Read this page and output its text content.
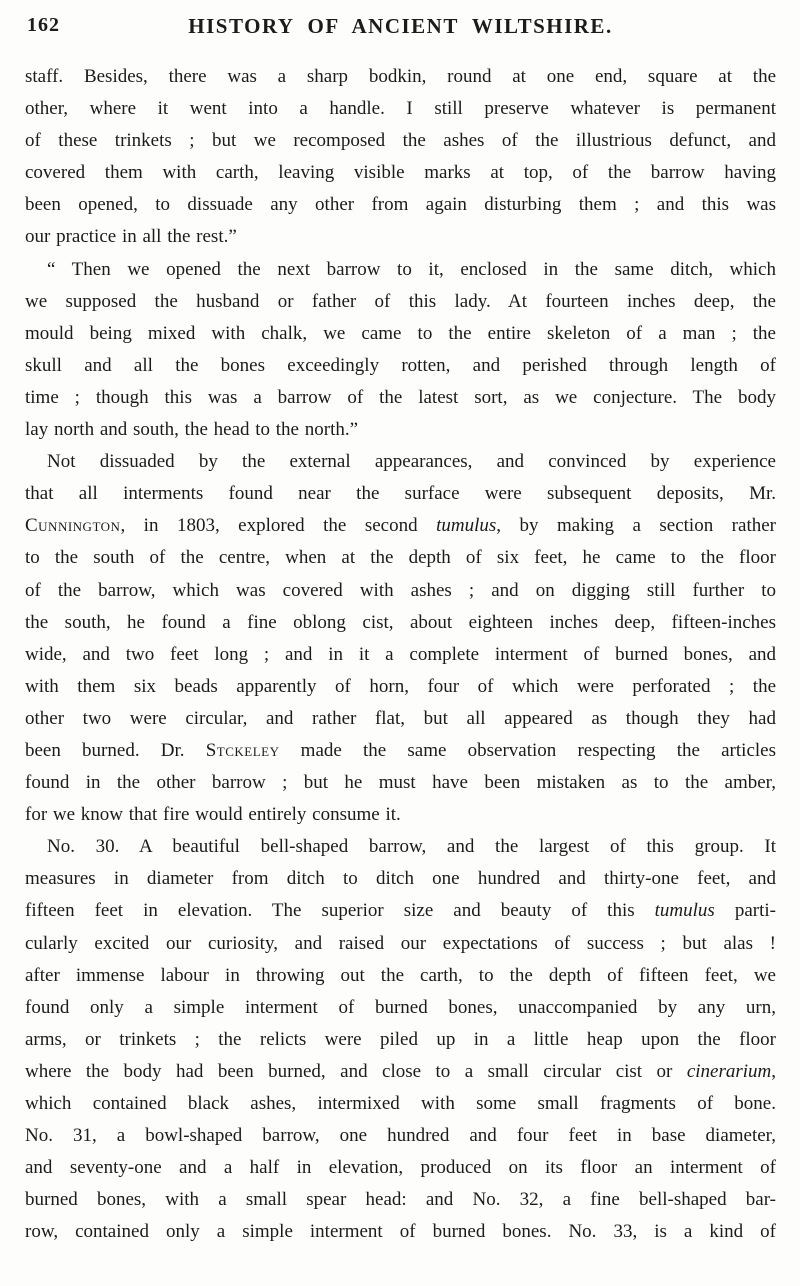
162	HISTORY OF ANCIENT WILTSHIRE.
staff. Besides, there was a sharp bodkin, round at one end, square at the
other, where it went into a handle. I still preserve whatever is permanent
of these trinkets ; but we recomposed the ashes of the illustrious defunct, and
covered them with carth, leaving visible marks at top, of the barrow having
been opened, to dissuade any other from again disturbing them ; and this was
our practice in all the rest.”
“ Then we opened the next barrow to it, enclosed in the same ditch, which
we supposed the husband or father of this lady. At fourteen inches deep, the
mould being mixed with chalk, we came to the entire skeleton of a man ; the
skull and all the bones exceedingly rotten, and perished through length of
time ; though this was a barrow of the latest sort, as we conjecture. The body
lay north and south, the head to the north.”
Not dissuaded by the external appearances, and convinced by experience
that all interments found near the surface were subsequent deposits, Mr.
Cunnington, in 1803, explored the second tumulus, by making a section rather
to the south of the centre, when at the depth of six feet, he came to the floor
of the barrow, which was covered with ashes ; and on digging still further to
the south, he found a fine oblong cist, about eighteen inches deep, fifteen-inches
wide, and two feet long ; and in it a complete interment of burned bones, and
with them six beads apparently of horn, four of which were perforated ; the
other two were circular, and rather flat, but all appeared as though they had
been burned. Dr. Stckeley made the same observation respecting the articles
found in the other barrow ; but he must have been mistaken as to the amber,
for we know that fire would entirely consume it.
No. 30. A beautiful bell-shaped barrow, and the largest of this group. It
measures in diameter from ditch to ditch one hundred and thirty-one feet, and
fifteen feet in elevation. The superior size and beauty of this tumulus parti-
cularly excited our curiosity, and raised our expectations of success ; but alas !
after immense labour in throwing out the carth, to the depth of fifteen feet, we
found only a simple interment of burned bones, unaccompanied by any urn,
arms, or trinkets ; the relicts were piled up in a little heap upon the floor
where the body had been burned, and close to a small circular cist or cinerarium,
which contained black ashes, intermixed with some small fragments of bone.
No. 31, a bowl-shaped barrow, one hundred and four feet in base diameter,
and seventy-one and a half in elevation, produced on its floor an interment of
burned bones, with a small spear head: and No. 32, a fine bell-shaped bar-
row, contained only a simple interment of burned bones. No. 33, is a kind of
